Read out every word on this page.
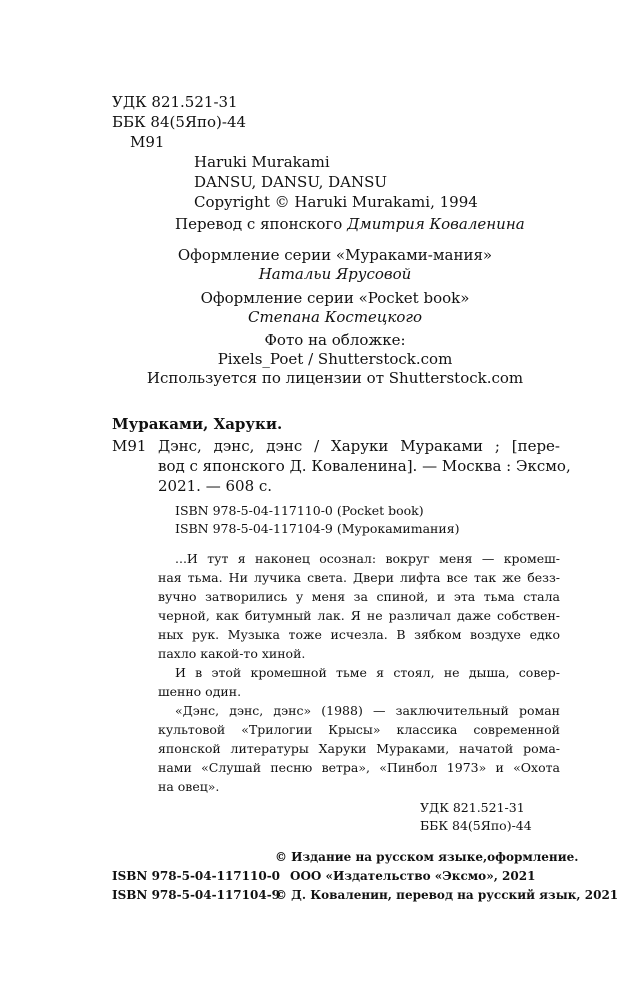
УДК 821.521-31
ББК 84(5Япо)-44
М91
Haruki Murakami
DANSU, DANSU, DANSU
Copyright © Haruki Murakami, 1994
Перевод с японского Дмитрия Коваленина
Оформление серии «Мураками-мания»
Натальи Ярусовой
Оформление серии «Pocket book»
Степана Костецкого
Фото на обложке:
Pixels_Poet / Shutterstock.com
Используется по лицензии от Shutterstock.com
Мураками, Харуки.
М91 Дэнс, дэнс, дэнс / Харуки Мураками ; [пере-
вод с японского Д. Коваленина]. — Москва : Эксмо,
2021. — 608 с.
ISBN 978-5-04-117110-0 (Pocket book)
ISBN 978-5-04-117104-9 (Мурокамиmания)
...И тут я наконец осознал: вокруг меня — кромеш-
ная тьма. Ни лучика света. Двери лифта все так же безз-
вучно затворились у меня за спиной, и эта тьма стала
черной, как битумный лак. Я не различал даже собствен-
ных рук. Музыка тоже исчезла. В зябком воздухе едко
пахло какой-то хиной.
И в этой кромешной тьме я стоял, не дыша, совер-
шенно один.
«Дэнс, дэнс, дэнс» (1988) — заключительный роман
культовой «Трилогии Крысы» классика современной
японской литературы Харуки Мураками, начатой рома-
нами «Слушай песню ветра», «Пинбол 1973» и «Охота
на овец».
УДК 821.521-31
ББК 84(5Япо)-44
© Издание на русском языке,оформление.
ISBN 978-5-04-117110-0 ООО «Издательство «Эксмо», 2021
ISBN 978-5-04-117104-9
© Д. Коваленин, перевод на русский язык, 2021
